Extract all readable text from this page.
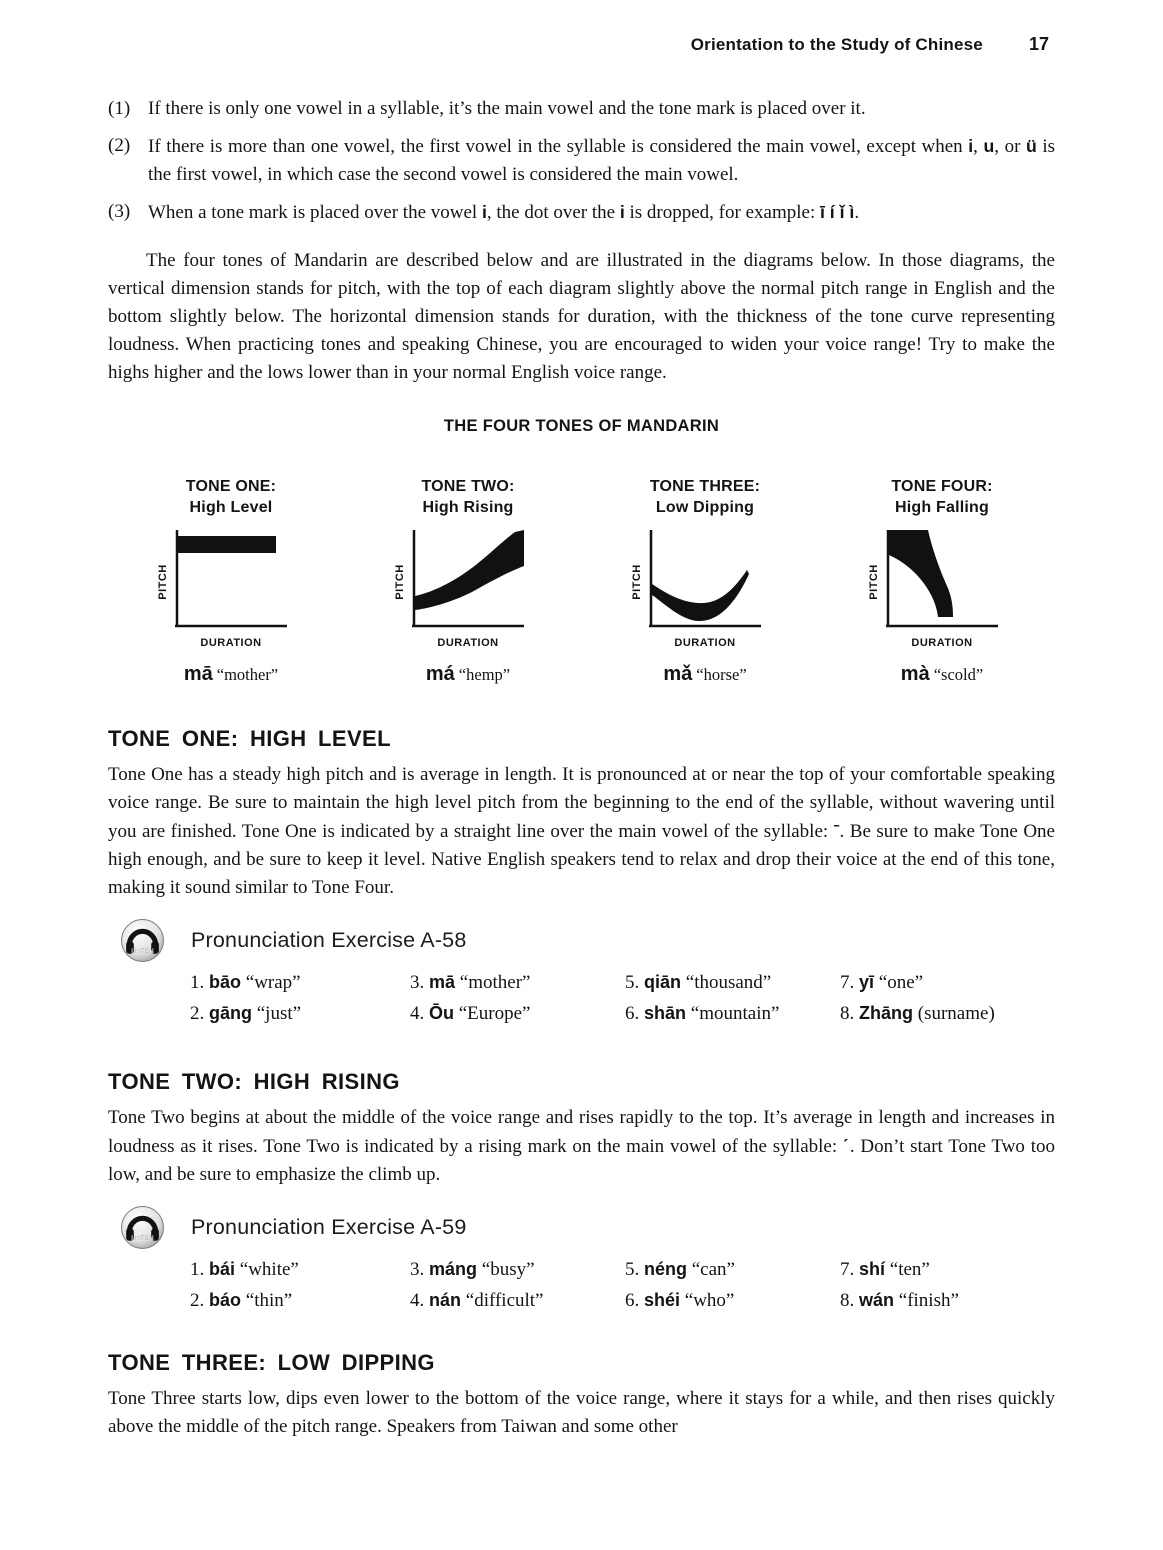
Orientation to the Study of Chinese	17
(1) If there is only one vowel in a syllable, it’s the main vowel and the tone mark is placed over it.
(2) If there is more than one vowel, the first vowel in the syllable is considered the main vowel, except when i, u, or ü is the first vowel, in which case the second vowel is considered the main vowel.
(3) When a tone mark is placed over the vowel i, the dot over the i is dropped, for example: ī í ǐ ì.

The four tones of Mandarin are described below and are illustrated in the diagrams below. In those diagrams, the vertical dimension stands for pitch, with the top of each diagram slightly above the normal pitch range in English and the bottom slightly below. The horizontal dimension stands for duration, with the thickness of the tone curve representing loudness. When practicing tones and speaking Chinese, you are encouraged to widen your voice range! Try to make the highs higher and the lows lower than in your normal English voice range.

THE FOUR TONES OF MANDARIN
TONE ONE:
High Level
PITCH
DURATION
mā “mother”
TONE TWO:
High Rising
PITCH
DURATION
má “hemp”
TONE THREE:
Low Dipping
PITCH
DURATION
mǎ “horse”
TONE FOUR:
High Falling
PITCH
DURATION
mà “scold”
TONE ONE: HIGH LEVEL

Tone One has a steady high pitch and is average in length. It is pronounced at or near the top of your comfortable speaking voice range. Be sure to maintain the high level pitch from the beginning to the end of the syllable, without wavering until you are finished. Tone One is indicated by a straight line over the main vowel of the syllable: ˉ. Be sure to make Tone One high enough, and be sure to keep it level. Native English speakers tend to relax and drop their voice at the end of this tone, making it sound similar to Tone Four.

LISTEN Pronunciation Exercise A-58
1. bāo “wrap”	3. mā “mother”	5. qiān “thousand”	7. yī “one”
2. gāng “just”	4. Ōu “Europe”	6. shān “mountain”	8. Zhāng (surname)
TONE TWO: HIGH RISING

Tone Two begins at about the middle of the voice range and rises rapidly to the top. It’s average in length and increases in loudness as it rises. Tone Two is indicated by a rising mark on the main vowel of the syllable: ˊ. Don’t start Tone Two too low, and be sure to emphasize the climb up.

LISTEN Pronunciation Exercise A-59
1. bái “white”	3. máng “busy”	5. néng “can”	7. shí “ten”
2. báo “thin”	4. nán “difficult”	6. shéi “who”	8. wán “finish”
TONE THREE: LOW DIPPING

Tone Three starts low, dips even lower to the bottom of the voice range, where it stays for a while, and then rises quickly above the middle of the pitch range. Speakers from Taiwan and some other
